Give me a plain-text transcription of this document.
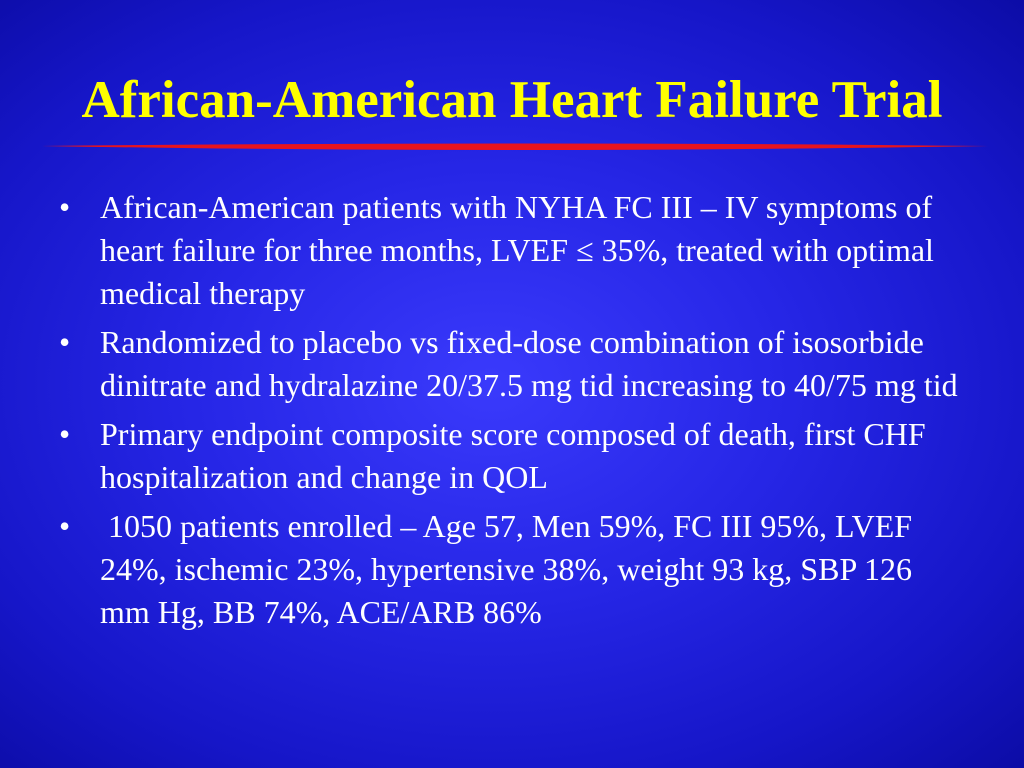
African-American Heart Failure Trial
• African-American patients with NYHA FC III – IV symptoms of heart failure for three months, LVEF ≤ 35%, treated with optimal medical therapy
• Randomized to placebo vs fixed-dose combination of isosorbide dinitrate and hydralazine 20/37.5 mg tid increasing to 40/75 mg tid
• Primary endpoint composite score composed of death, first CHF hospitalization and change in QOL
• 1050 patients enrolled – Age 57, Men 59%, FC III 95%, LVEF 24%, ischemic 23%, hypertensive 38%, weight 93 kg, SBP 126 mm Hg, BB 74%, ACE/ARB 86%
